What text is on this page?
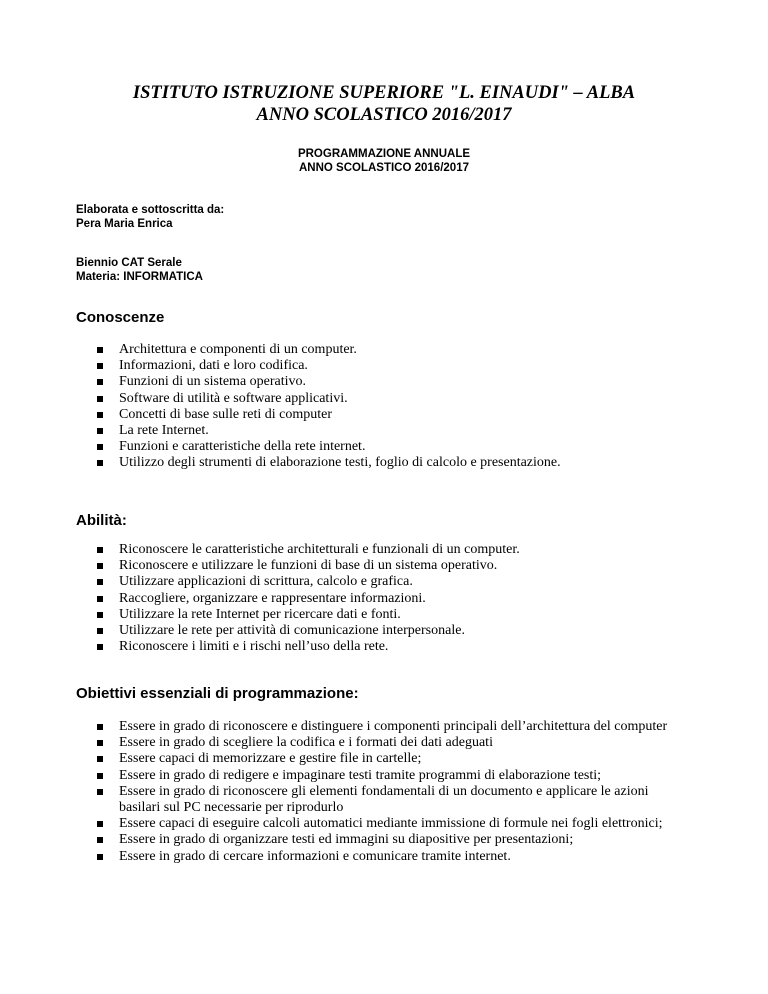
ISTITUTO ISTRUZIONE SUPERIORE "L. EINAUDI" – ALBA
ANNO SCOLASTICO 2016/2017
PROGRAMMAZIONE ANNUALE
ANNO SCOLASTICO 2016/2017
Elaborata e sottoscritta da:
Pera Maria Enrica
Biennio CAT Serale
Materia: INFORMATICA
Conoscenze
Architettura e componenti di un computer.
Informazioni, dati e loro codifica.
Funzioni di un sistema operativo.
Software di utilità e software applicativi.
Concetti di base sulle reti di computer
La rete Internet.
Funzioni e caratteristiche della rete internet.
Utilizzo degli strumenti di elaborazione testi, foglio di calcolo e presentazione.
Abilità:
Riconoscere le caratteristiche architetturali e funzionali di un computer.
Riconoscere e utilizzare le funzioni di base di un sistema operativo.
Utilizzare applicazioni di scrittura, calcolo e grafica.
Raccogliere, organizzare e rappresentare informazioni.
Utilizzare la rete Internet per ricercare dati e fonti.
Utilizzare le rete per attività di comunicazione interpersonale.
Riconoscere i limiti e i rischi nell’uso della rete.
Obiettivi essenziali di programmazione:
Essere in grado di riconoscere e distinguere i componenti principali dell’architettura del computer
Essere in grado di scegliere la codifica e i formati dei dati adeguati
Essere capaci di memorizzare e gestire file in cartelle;
Essere in grado di redigere e impaginare testi tramite programmi di elaborazione testi;
Essere in grado di riconoscere gli elementi fondamentali di un documento e applicare le azioni basilari sul PC necessarie per riprodurlo
Essere capaci di eseguire calcoli automatici mediante immissione di formule nei fogli elettronici;
Essere in grado di organizzare testi ed immagini su diapositive per presentazioni;
Essere in grado di cercare informazioni e comunicare tramite internet.
